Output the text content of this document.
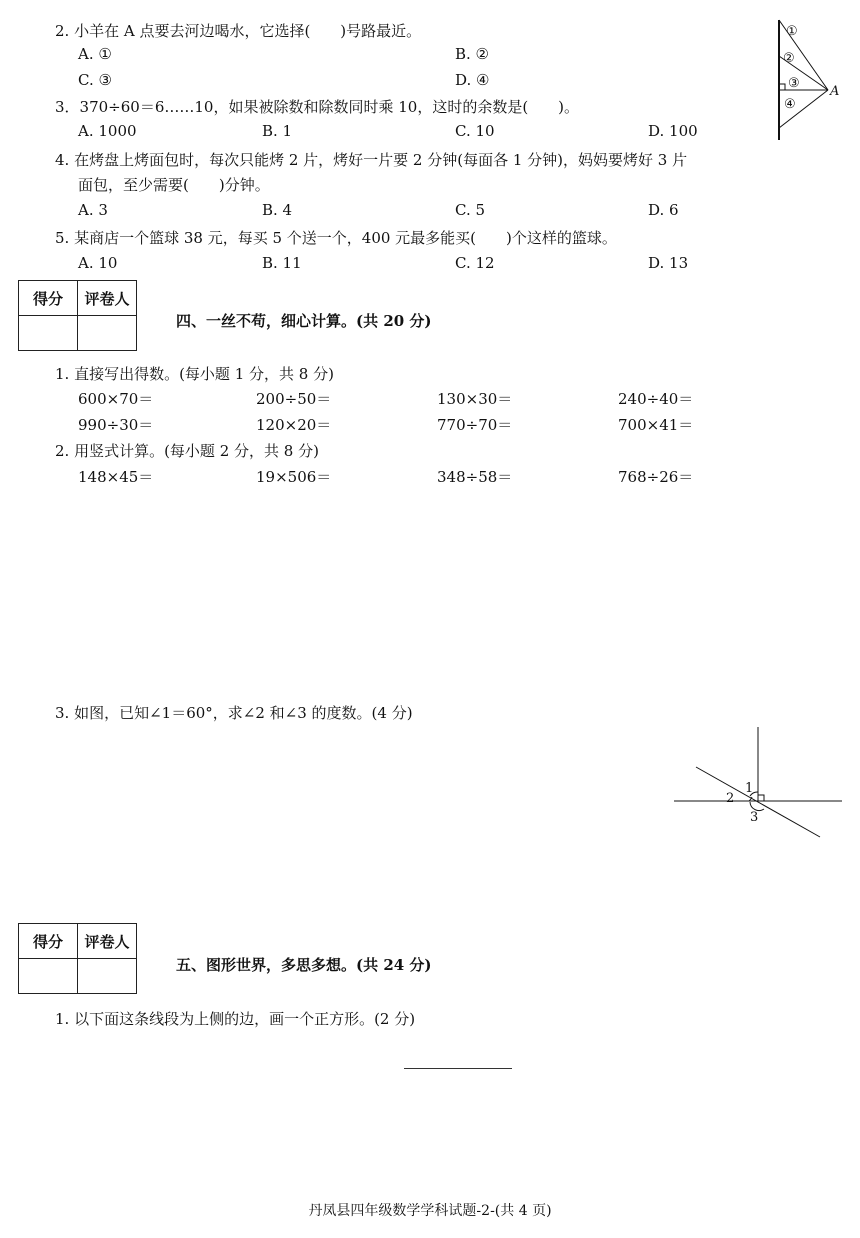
2. 小羊在 A 点要去河边喝水，它选择(　　)号路最近。
A. ①	B. ②
C. ③	D. ④
①
②
③
④
A
3．370÷60＝6……10，如果被除数和除数同时乘 10，这时的余数是(　　)。
A. 1000	B. 1	C. 10	D. 100
4. 在烤盘上烤面包时，每次只能烤 2 片，烤好一片要 2 分钟(每面各 1 分钟)，妈妈要烤好 3 片
面包，至少需要(　　)分钟。
A. 3	B. 4	C. 5	D. 6
5. 某商店一个篮球 38 元，每买 5 个送一个，400 元最多能买(　　)个这样的篮球。
A. 10	B. 11	C. 12	D. 13
得分	评卷人

四、一丝不苟，细心计算。(共 20 分)
1. 直接写出得数。(每小题 1 分，共 8 分)
600×70＝	200÷50＝	130×30＝	240÷40＝
990÷30＝	120×20＝	770÷70＝	700×41＝
2. 用竖式计算。(每小题 2 分，共 8 分)
148×45＝	19×506＝	348÷58＝	768÷26＝
3. 如图，已知∠1＝60°，求∠2 和∠3 的度数。(4 分)
1
2
3
得分	评卷人

五、图形世界，多思多想。(共 24 分)
1. 以下面这条线段为上侧的边，画一个正方形。(2 分)
丹凤县四年级数学学科试题-2-(共 4 页)
